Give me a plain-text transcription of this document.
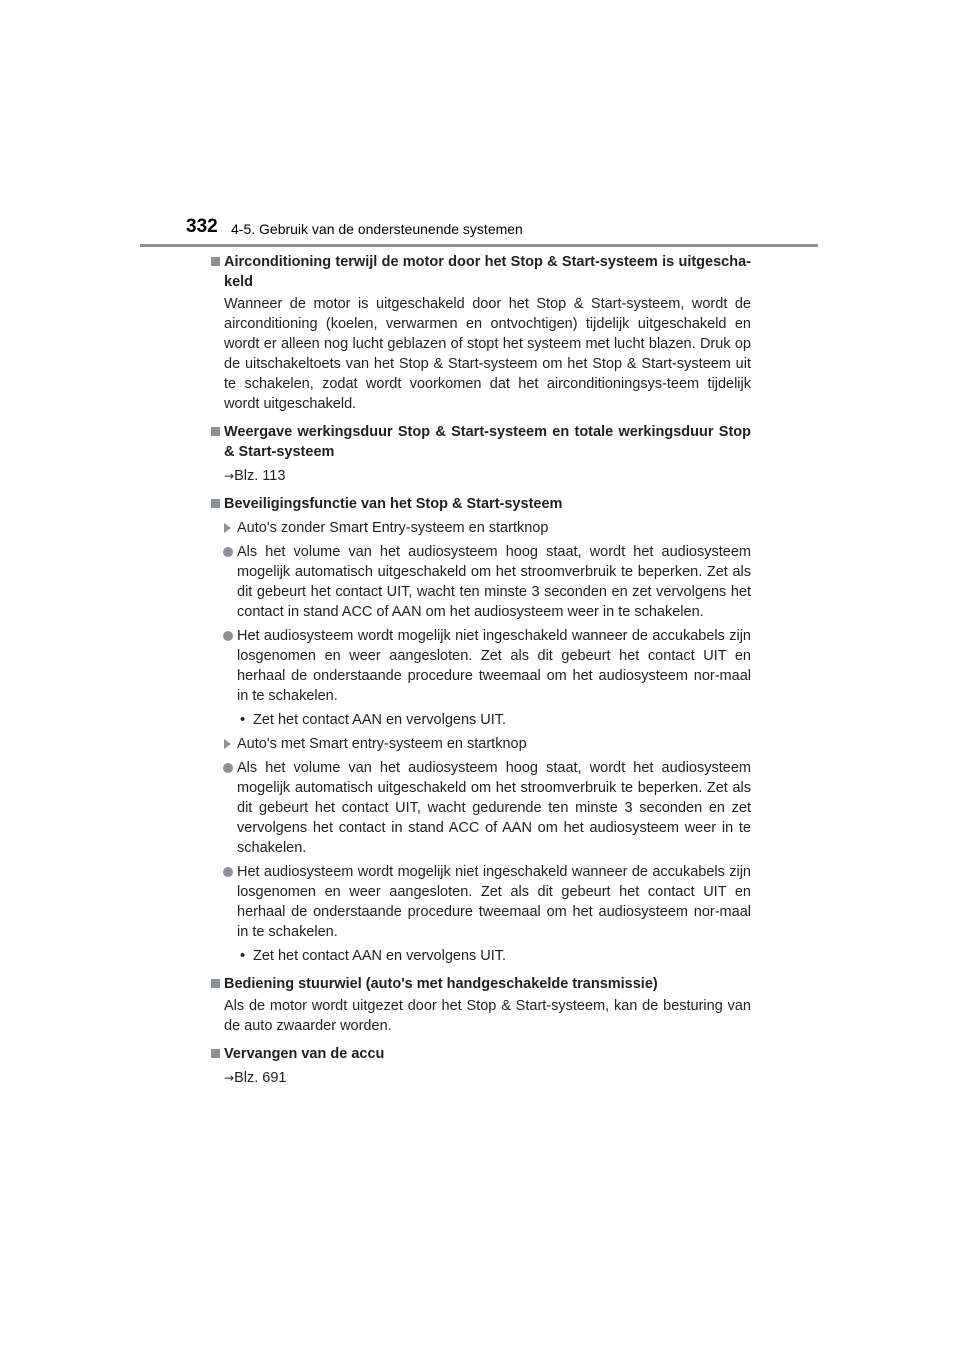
332 4-5. Gebruik van de ondersteunende systemen
Airconditioning terwijl de motor door het Stop & Start-systeem is uitgescha-keld

Wanneer de motor is uitgeschakeld door het Stop & Start-systeem, wordt de airconditioning (koelen, verwarmen en ontvochtigen) tijdelijk uitgeschakeld en wordt er alleen nog lucht geblazen of stopt het systeem met lucht blazen. Druk op de uitschakeltoets van het Stop & Start-systeem om het Stop & Start-systeem uit te schakelen, zodat wordt voorkomen dat het airconditioningsys-teem tijdelijk wordt uitgeschakeld.

Weergave werkingsduur Stop & Start-systeem en totale werkingsduur Stop & Start-systeem

→Blz. 113

Beveiligingsfunctie van het Stop & Start-systeem

Auto's zonder Smart Entry-systeem en startknop

Als het volume van het audiosysteem hoog staat, wordt het audiosysteem mogelijk automatisch uitgeschakeld om het stroomverbruik te beperken. Zet als dit gebeurt het contact UIT, wacht ten minste 3 seconden en zet vervolgens het contact in stand ACC of AAN om het audiosysteem weer in te schakelen.

Het audiosysteem wordt mogelijk niet ingeschakeld wanneer de accukabels zijn losgenomen en weer aangesloten. Zet als dit gebeurt het contact UIT en herhaal de onderstaande procedure tweemaal om het audiosysteem nor-maal in te schakelen.

• Zet het contact AAN en vervolgens UIT.

Auto's met Smart entry-systeem en startknop

Als het volume van het audiosysteem hoog staat, wordt het audiosysteem mogelijk automatisch uitgeschakeld om het stroomverbruik te beperken. Zet als dit gebeurt het contact UIT, wacht gedurende ten minste 3 seconden en zet vervolgens het contact in stand ACC of AAN om het audiosysteem weer in te schakelen.

Het audiosysteem wordt mogelijk niet ingeschakeld wanneer de accukabels zijn losgenomen en weer aangesloten. Zet als dit gebeurt het contact UIT en herhaal de onderstaande procedure tweemaal om het audiosysteem nor-maal in te schakelen.

• Zet het contact AAN en vervolgens UIT.

Bediening stuurwiel (auto's met handgeschakelde transmissie)

Als de motor wordt uitgezet door het Stop & Start-systeem, kan de besturing van de auto zwaarder worden.

Vervangen van de accu

→Blz. 691
